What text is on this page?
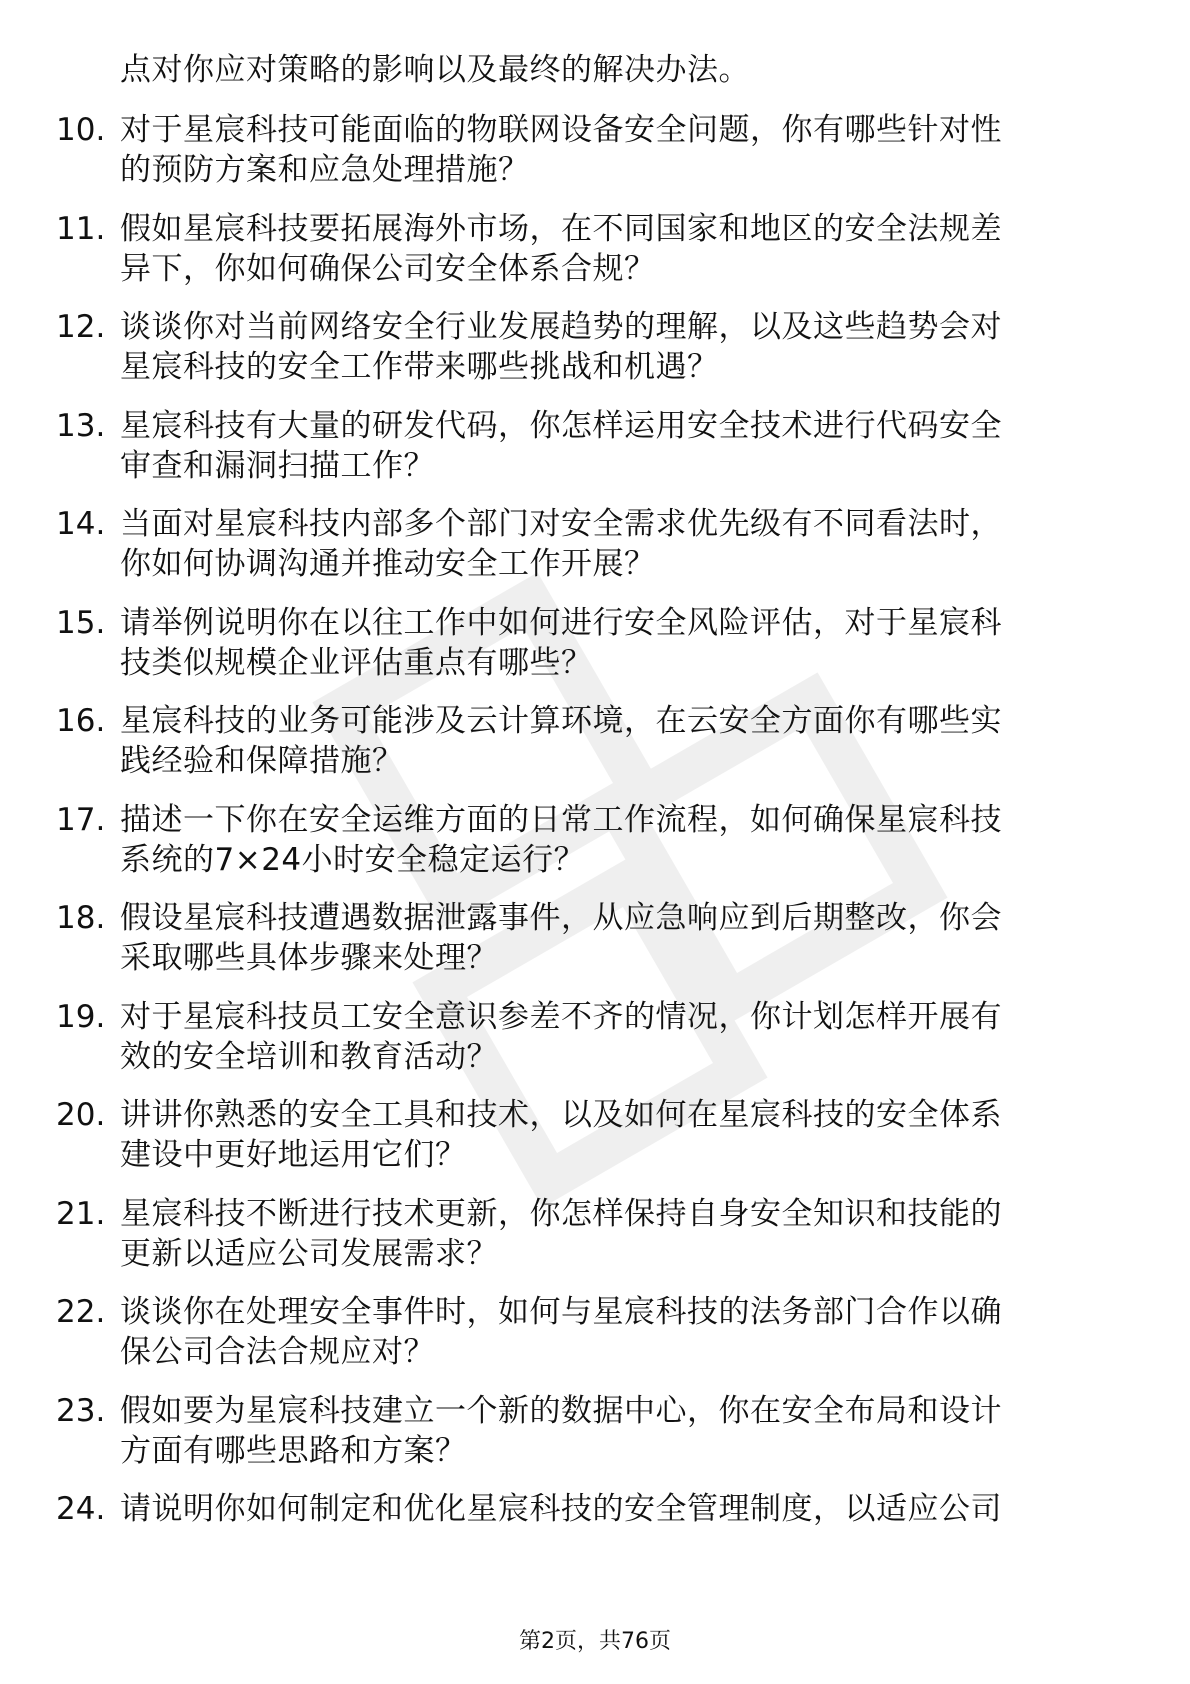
点对你应对策略的影响以及最终的解决办法。
10. 对于星宸科技可能面临的物联网设备安全问题，你有哪些针对性
的预防方案和应急处理措施？
11. 假如星宸科技要拓展海外市场，在不同国家和地区的安全法规差
异下，你如何确保公司安全体系合规？
12. 谈谈你对当前网络安全行业发展趋势的理解，以及这些趋势会对
星宸科技的安全工作带来哪些挑战和机遇？
13. 星宸科技有大量的研发代码，你怎样运用安全技术进行代码安全
审查和漏洞扫描工作？
14. 当面对星宸科技内部多个部门对安全需求优先级有不同看法时，
你如何协调沟通并推动安全工作开展？
15. 请举例说明你在以往工作中如何进行安全风险评估，对于星宸科
技类似规模企业评估重点有哪些？
16. 星宸科技的业务可能涉及云计算环境，在云安全方面你有哪些实
践经验和保障措施？
17. 描述一下你在安全运维方面的日常工作流程，如何确保星宸科技
系统的7×24小时安全稳定运行？
18. 假设星宸科技遭遇数据泄露事件，从应急响应到后期整改，你会
采取哪些具体步骤来处理？
19. 对于星宸科技员工安全意识参差不齐的情况，你计划怎样开展有
效的安全培训和教育活动？
20. 讲讲你熟悉的安全工具和技术，以及如何在星宸科技的安全体系
建设中更好地运用它们？
21. 星宸科技不断进行技术更新，你怎样保持自身安全知识和技能的
更新以适应公司发展需求？
22. 谈谈你在处理安全事件时，如何与星宸科技的法务部门合作以确
保公司合法合规应对？
23. 假如要为星宸科技建立一个新的数据中心，你在安全布局和设计
方面有哪些思路和方案？
24. 请说明你如何制定和优化星宸科技的安全管理制度，以适应公司
第2页，共76页
